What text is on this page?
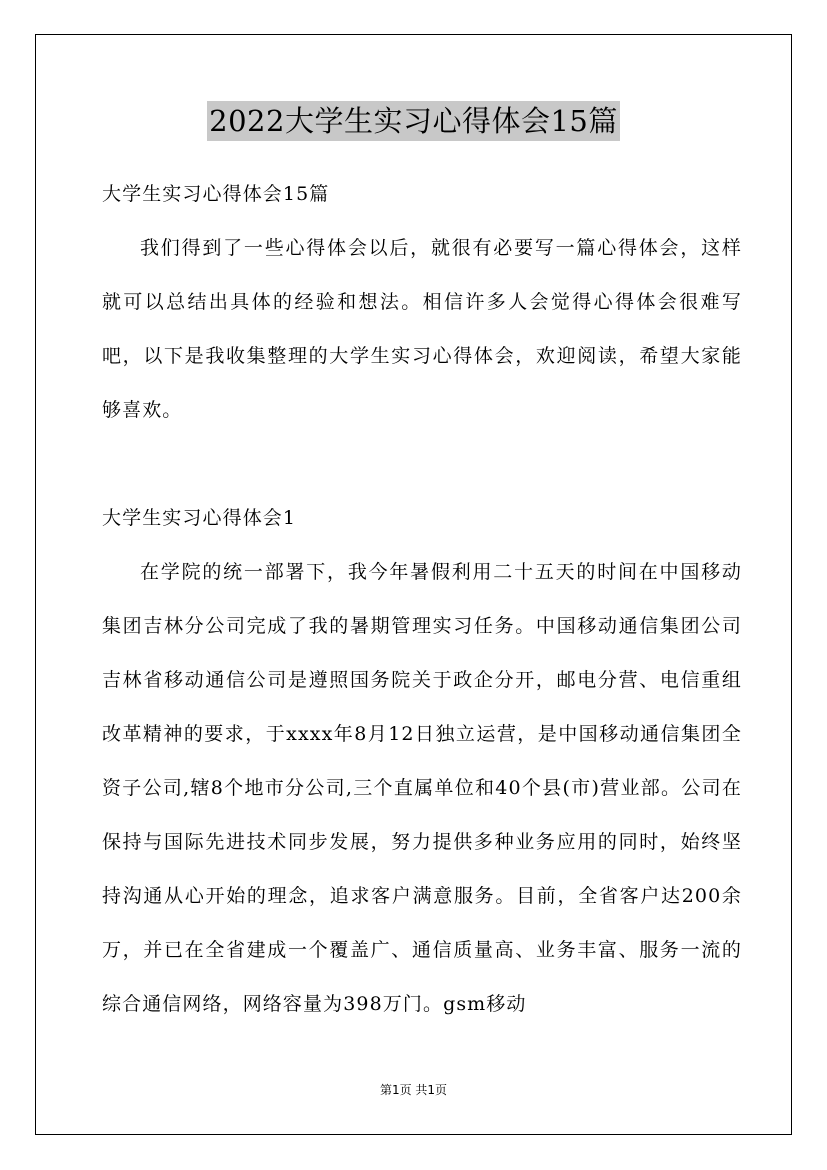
2022大学生实习心得体会15篇
大学生实习心得体会15篇

我们得到了一些心得体会以后，就很有必要写一篇心得体会，这样就可以总结出具体的经验和想法。相信许多人会觉得心得体会很难写吧，以下是我收集整理的大学生实习心得体会，欢迎阅读，希望大家能够喜欢。

大学生实习心得体会1

在学院的统一部署下，我今年暑假利用二十五天的时间在中国移动集团吉林分公司完成了我的暑期管理实习任务。中国移动通信集团公司吉林省移动通信公司是遵照国务院关于政企分开，邮电分营、电信重组改革精神的要求，于xxxx年8月12日独立运营，是中国移动通信集团全资子公司,辖8个地市分公司,三个直属单位和40个县(市)营业部。公司在保持与国际先进技术同步发展，努力提供多种业务应用的同时，始终坚持沟通从心开始的理念，追求客户满意服务。目前，全省客户达200余万，并已在全省建成一个覆盖广、通信质量高、业务丰富、服务一流的综合通信网络，网络容量为398万门。gsm移动

第1页 共1页
